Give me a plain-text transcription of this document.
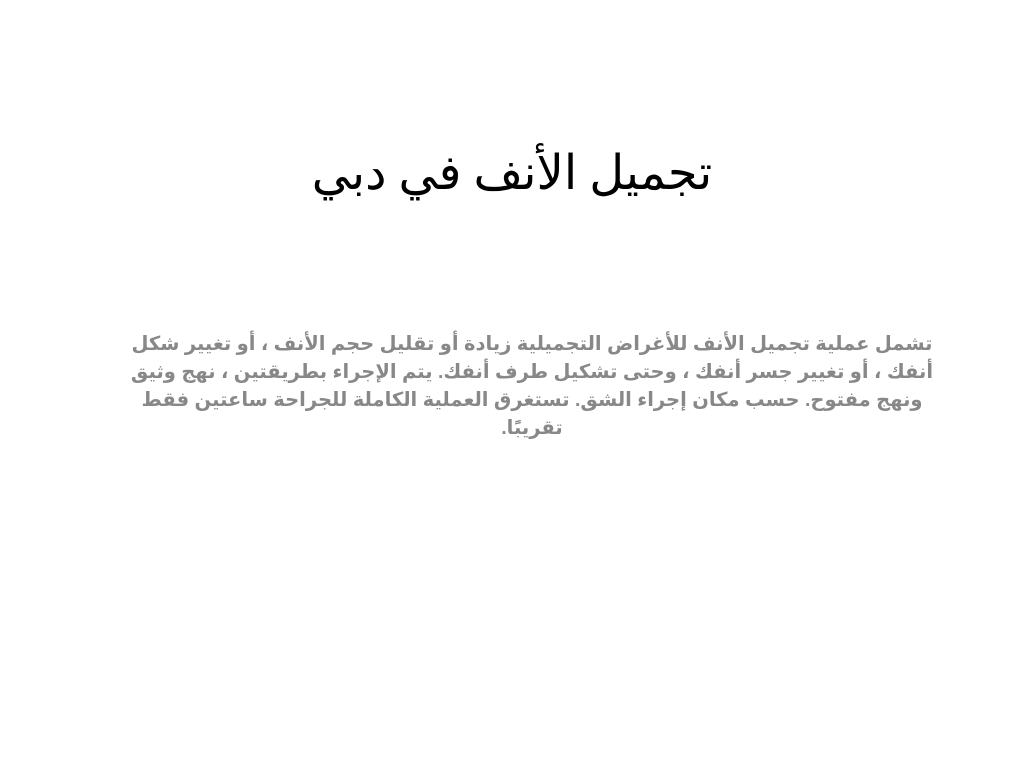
تجميل الأنف في دبي

تشمل عملية تجميل الأنف للأغراض التجميلية زيادة أو تقليل حجم الأنف ، أو تغيير شكل أنفك ، أو تغيير جسر أنفك ، وحتى تشكيل طرف أنفك. يتم الإجراء بطريقتين ، نهج وثيق ونهج مفتوح. حسب مكان إجراء الشق. تستغرق العملية الكاملة للجراحة ساعتين فقط تقريبًا.
